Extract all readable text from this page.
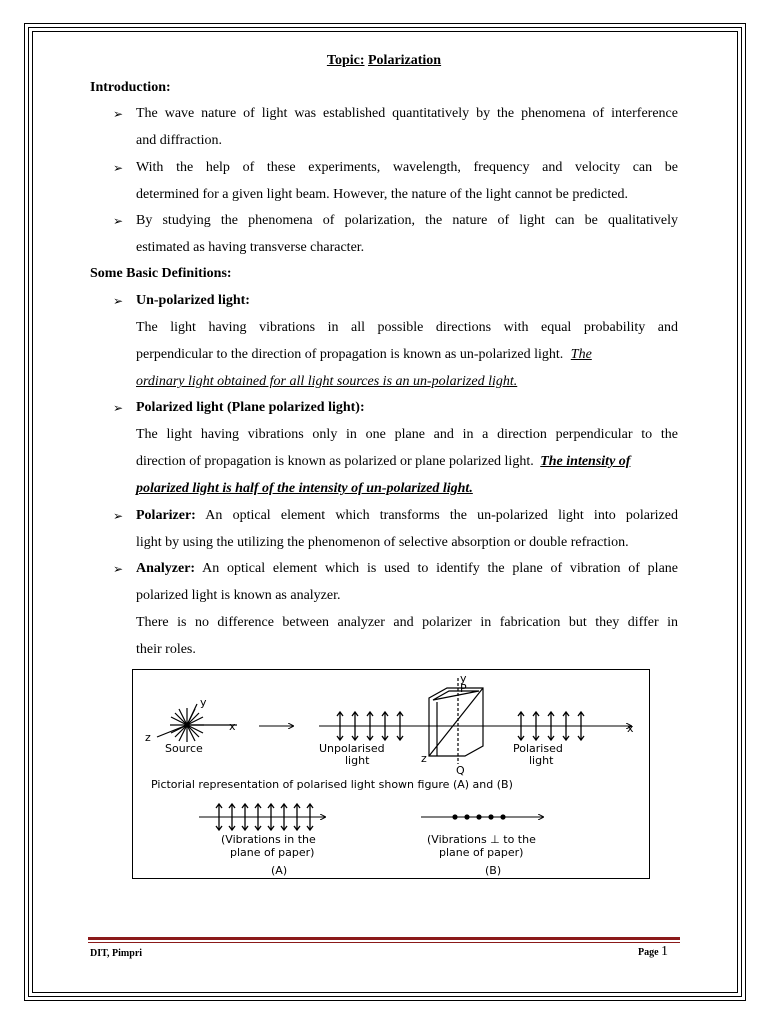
Topic: Polarization
Introduction:
➢ The wave nature of light was established quantitatively by the phenomena of interference
and diffraction.
➢ With the help of these experiments, wavelength, frequency and velocity can be
determined for a given light beam. However, the nature of the light cannot be predicted.
➢ By studying the phenomena of polarization, the nature of light can be qualitatively
estimated as having transverse character.
Some Basic Definitions:
➢ Un-polarized light:
The light having vibrations in all possible directions with equal probability and
perpendicular to the direction of propagation is known as un-polarized light. The
ordinary light obtained for all light sources is an un-polarized light.
➢ Polarized light (Plane polarized light):
The light having vibrations only in one plane and in a direction perpendicular to the
direction of propagation is known as polarized or plane polarized light. The intensity of
polarized light is half of the intensity of un-polarized light.
➢ Polarizer: An optical element which transforms the un-polarized light into polarized
light by using the utilizing the phenomenon of selective absorption or double refraction.
➢ Analyzer: An optical element which is used to identify the plane of vibration of plane
polarized light is known as analyzer.
There is no difference between analyzer and polarizer in fabrication but they differ in
their roles.
y
x
z
Source
x
Unpolarised
light
y
P
z
Q
Polarised
light
Pictorial representation of polarised light shown figure (A) and (B)
(Vibrations in the
plane of paper)
(A)
(Vibrations ⊥ to the
plane of paper)
(B)
DIT, Pimpri	Page 1
